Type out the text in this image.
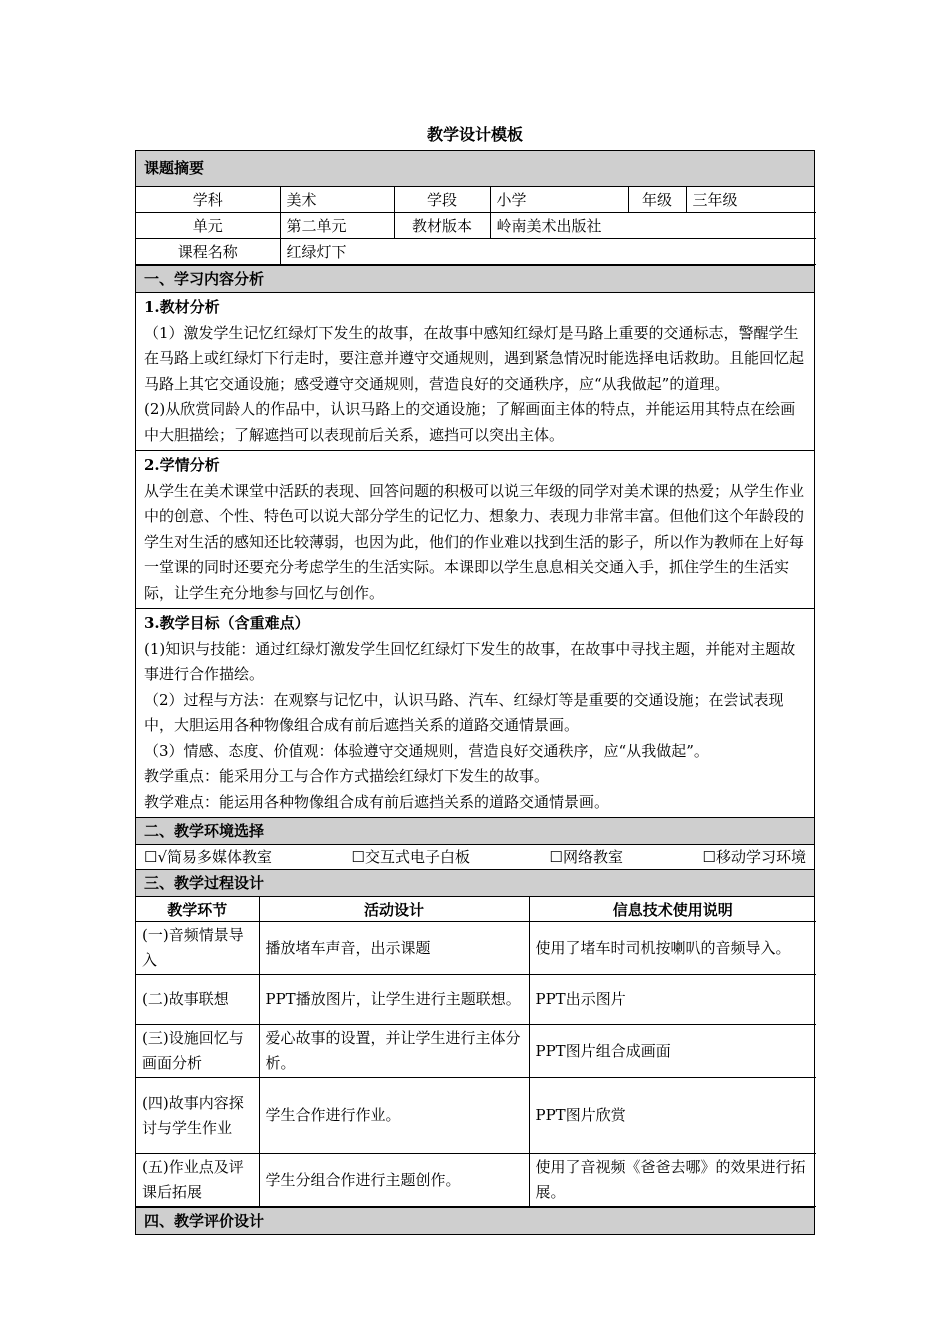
教学设计模板
课题摘要
学科	美术	学段	小学	年级	三年级
单元	第二单元	教材版本	岭南美术出版社		
课程名称	红绿灯下				
一、学习内容分析
1.教材分析

（1）激发学生记忆红绿灯下发生的故事，在故事中感知红绿灯是马路上重要的交通标志，警醒学生在马路上或红绿灯下行走时，要注意并遵守交通规则，遇到紧急情况时能选择电话救助。且能回忆起马路上其它交通设施；感受遵守交通规则，营造良好的交通秩序，应“从我做起”的道理。

(2)从欣赏同龄人的作品中，认识马路上的交通设施；了解画面主体的特点，并能运用其特点在绘画中大胆描绘；了解遮挡可以表现前后关系，遮挡可以突出主体。

2.学情分析

从学生在美术课堂中活跃的表现、回答问题的积极可以说三年级的同学对美术课的热爱；从学生作业中的创意、个性、特色可以说大部分学生的记忆力、想象力、表现力非常丰富。但他们这个年龄段的学生对生活的感知还比较薄弱，也因为此，他们的作业难以找到生活的影子，所以作为教师在上好每一堂课的同时还要充分考虑学生的生活实际。本课即以学生息息相关交通入手，抓住学生的生活实际，让学生充分地参与回忆与创作。

3.教学目标（含重难点）

(1)知识与技能：通过红绿灯激发学生回忆红绿灯下发生的故事，在故事中寻找主题，并能对主题故事进行合作描绘。

（2）过程与方法：在观察与记忆中，认识马路、汽车、红绿灯等是重要的交通设施；在尝试表现中，大胆运用各种物像组合成有前后遮挡关系的道路交通情景画。

（3）情感、态度、价值观：体验遵守交通规则，营造良好交通秩序，应“从我做起”。

教学重点：能采用分工与合作方式描绘红绿灯下发生的故事。

教学难点：能运用各种物像组合成有前后遮挡关系的道路交通情景画。

二、教学环境选择
☐√简易多媒体教室	☐交互式电子白板	☐网络教室	☐移动学习环境
三、教学过程设计
教学环节	活动设计	信息技术使用说明
(一)音频情景导入	播放堵车声音，出示课题	使用了堵车时司机按喇叭的音频导入。
(二)故事联想	PPT播放图片，让学生进行主题联想。	PPT出示图片
(三)设施回忆与画面分析	爱心故事的设置，并让学生进行主体分析。	PPT图片组合成画面
(四)故事内容探讨与学生作业	学生合作进行作业。	PPT图片欣赏
(五)作业点及评课后拓展	学生分组合作进行主题创作。	使用了音视频《爸爸去哪》的效果进行拓展。
四、教学评价设计
